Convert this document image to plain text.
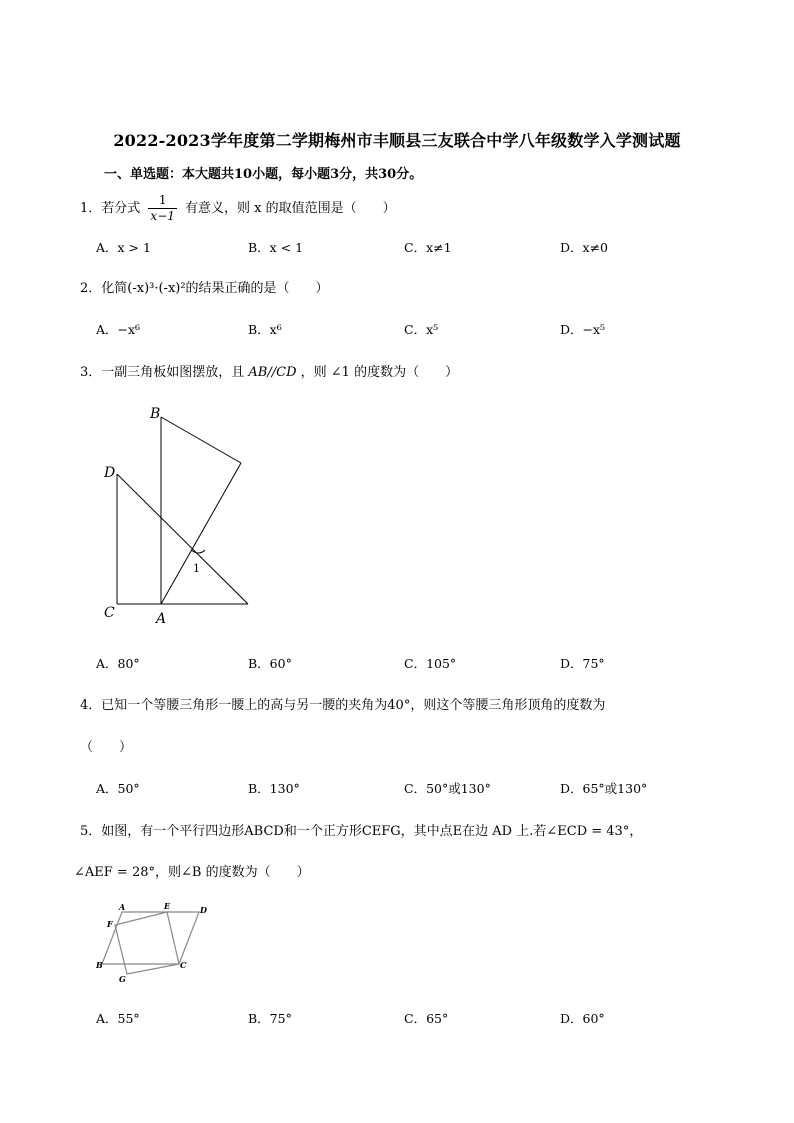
2022-2023学年度第二学期梅州市丰顺县三友联合中学八年级数学入学测试题
一、单选题：本大题共10小题，每小题3分，共30分。
1．若分式 $\frac{1}{x-1}$ 有意义，则 x 的取值范围是（　　）
A．x > 1	B．x < 1	C．x≠1	D．x≠0
2．化简(-x)³·(-x)²的结果正确的是（　　）
A．−x⁶	B．x⁶	C．x⁵	D．−x⁵
3．一副三角板如图摆放，且 AB//CD ，则 ∠1 的度数为（　　）
B
D
C	A
1
A．80°	B．60°	C．105°	D．75°
4．已知一个等腰三角形一腰上的高与另一腰的夹角为40°，则这个等腰三角形顶角的度数为
（　　）
A．50°	B．130°	C．50°或130°	D．65°或130°
5．如图，有一个平行四边形ABCD和一个正方形CEFG，其中点E在边 AD 上.若∠ECD = 43°，
∠AEF = 28°，则∠B 的度数为（　　）
A	E	D
F
B
G
C
A．55°	B．75°	C．65°	D．60°
